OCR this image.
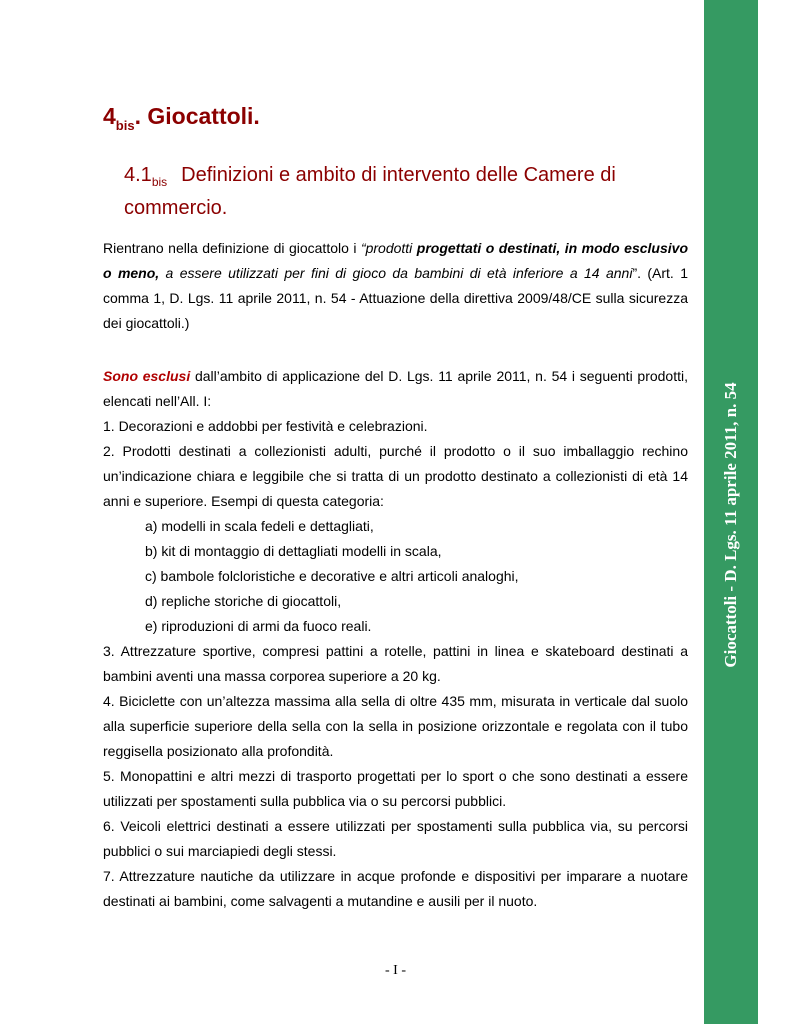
Giocattoli - D. Lgs. 11 aprile 2011, n. 54
$4_{bis}$. Giocattoli.
$4.1_{bis}$ Definizioni e ambito di intervento delle Camere di commercio.

Rientrano nella definizione di giocattolo i “prodotti progettati o destinati, in modo esclusivo o meno, a essere utilizzati per fini di gioco da bambini di età inferiore a 14 anni”. (Art. 1 comma 1, D. Lgs. 11 aprile 2011, n. 54 - Attuazione della direttiva 2009/48/CE sulla sicurezza dei giocattoli.)

Sono esclusi dall’ambito di applicazione del D. Lgs. 11 aprile 2011, n. 54 i seguenti prodotti, elencati nell’All. I:

1. Decorazioni e addobbi per festività e celebrazioni.

2. Prodotti destinati a collezionisti adulti, purché il prodotto o il suo imballaggio rechino un’indicazione chiara e leggibile che si tratta di un prodotto destinato a collezionisti di età 14 anni e superiore. Esempi di questa categoria:

a) modelli in scala fedeli e dettagliati,

b) kit di montaggio di dettagliati modelli in scala,

c) bambole folcloristiche e decorative e altri articoli analoghi,

d) repliche storiche di giocattoli,

e) riproduzioni di armi da fuoco reali.

3. Attrezzature sportive, compresi pattini a rotelle, pattini in linea e skateboard destinati a bambini aventi una massa corporea superiore a 20 kg.

4. Biciclette con un’altezza massima alla sella di oltre 435 mm, misurata in verticale dal suolo alla superficie superiore della sella con la sella in posizione orizzontale e regolata con il tubo reggisella posizionato alla profondità.

5. Monopattini e altri mezzi di trasporto progettati per lo sport o che sono destinati a essere utilizzati per spostamenti sulla pubblica via o su percorsi pubblici.

6. Veicoli elettrici destinati a essere utilizzati per spostamenti sulla pubblica via, su percorsi pubblici o sui marciapiedi degli stessi.

7. Attrezzature nautiche da utilizzare in acque profonde e dispositivi per imparare a nuotare destinati ai bambini, come salvagenti a mutandine e ausili per il nuoto.

- I -
